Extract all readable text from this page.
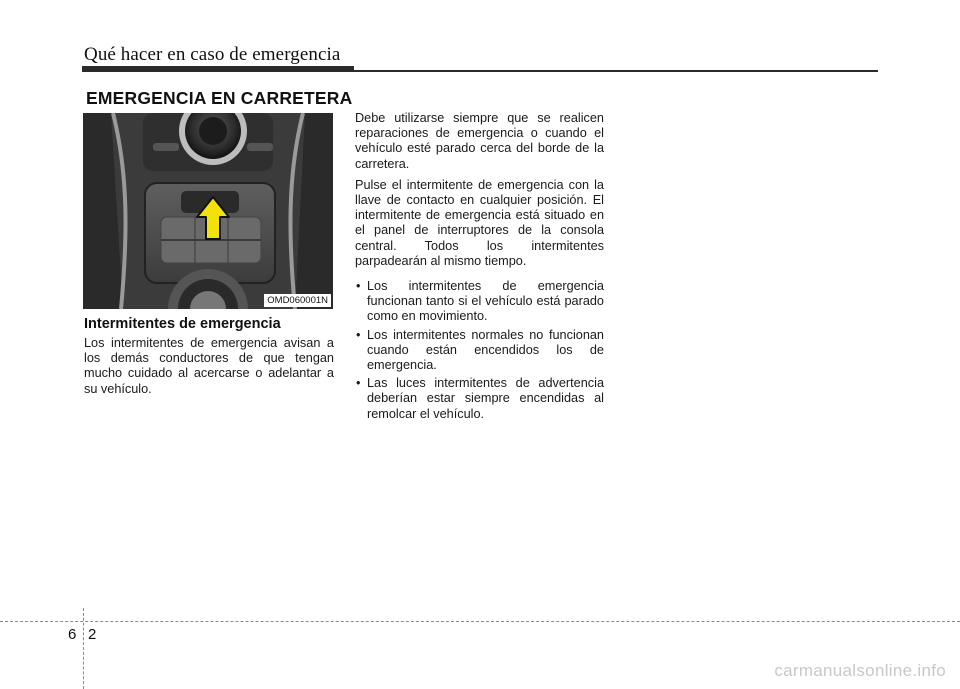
Qué hacer en caso de emergencia
EMERGENCIA EN CARRETERA
OMD060001N
Intermitentes de emergencia

Los intermitentes de emergencia avisan a los demás conductores de que tengan mucho cuidado al acercarse o adelantar a su vehículo.

Debe utilizarse siempre que se realicen reparaciones de emergencia o cuando el vehículo esté parado cerca del borde de la carretera.

Pulse el intermitente de emergencia con la llave de contacto en cualquier posición. El intermitente de emergencia está situado en el panel de interruptores de la consola central. Todos los intermitentes parpadearán al mismo tiempo.

• Los intermitentes de emergencia funcionan tanto si el vehículo está parado como en movimiento.
• Los intermitentes normales no funcionan cuando están encendidos los de emergencia.
• Las luces intermitentes de advertencia deberían estar siempre encendidas al remolcar el vehículo.
6 2
carmanualsonline.info
